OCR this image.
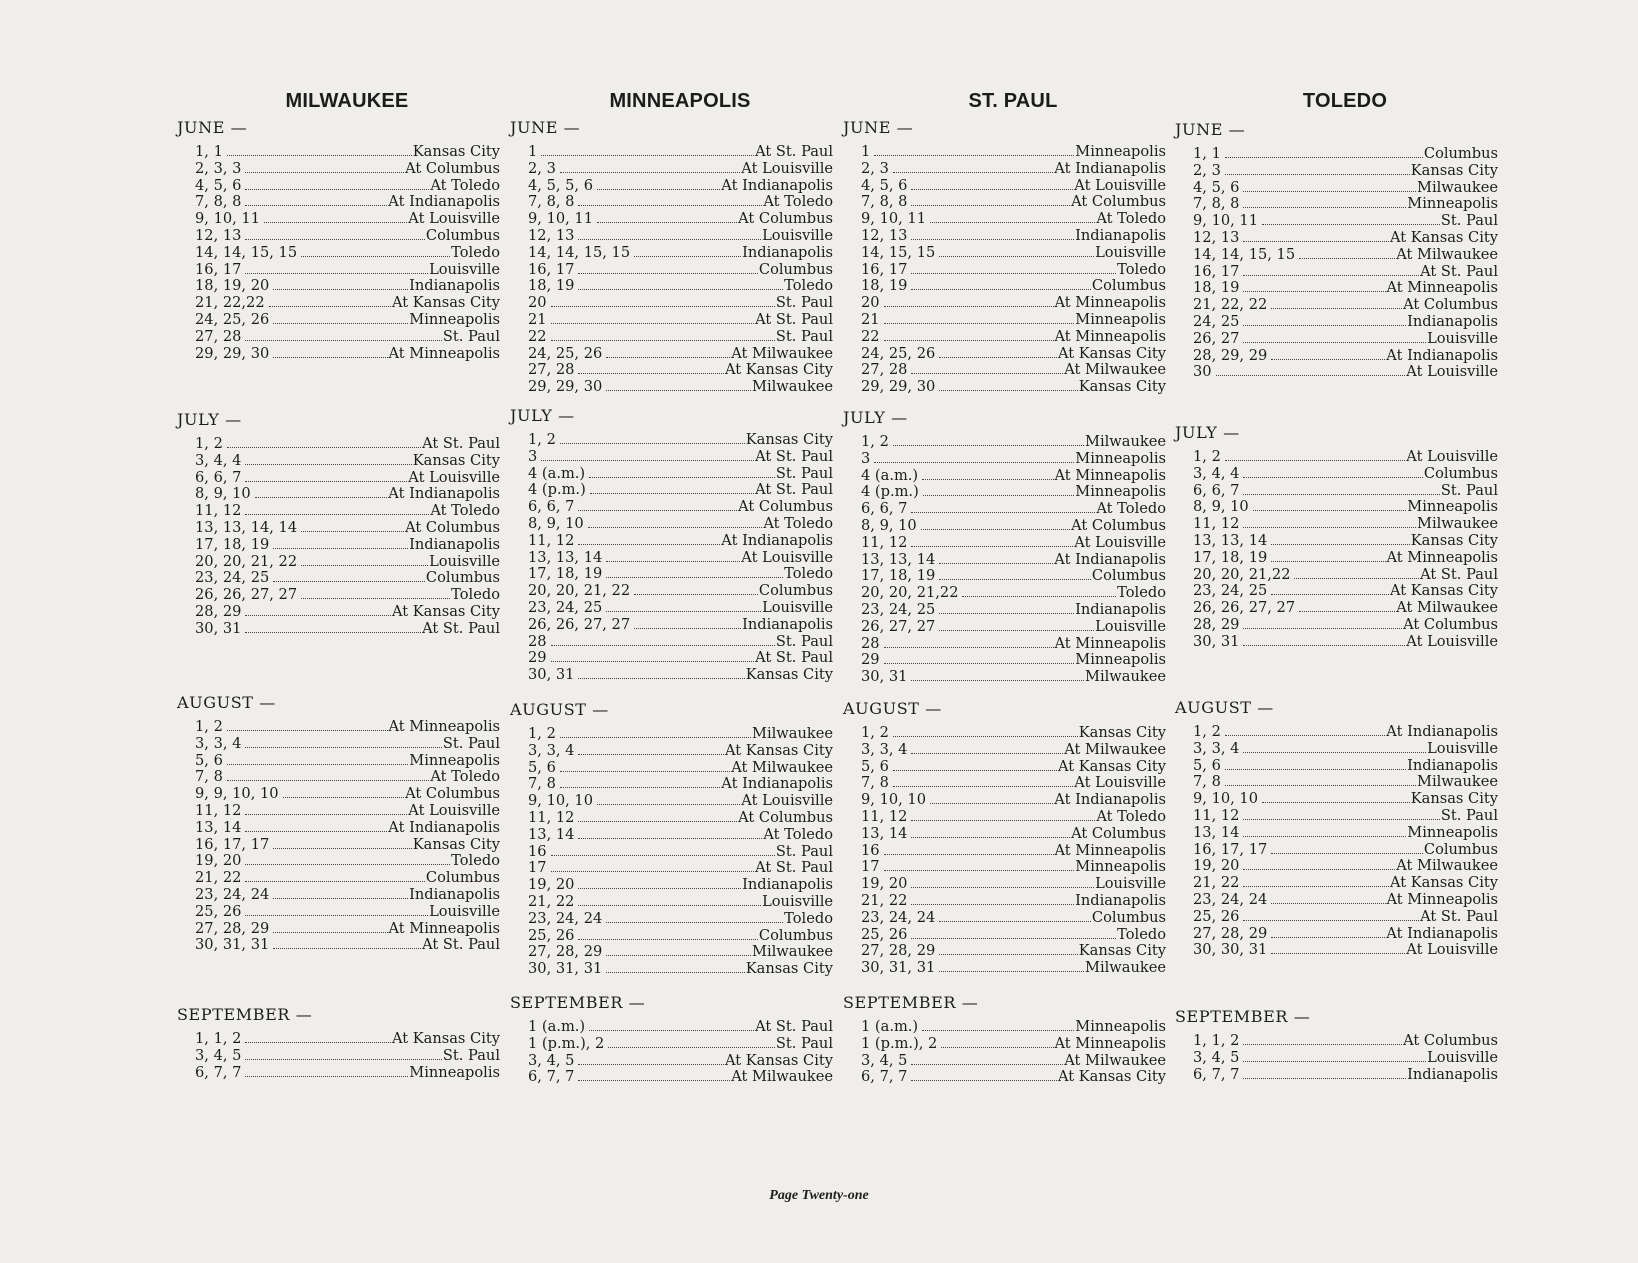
MILWAUKEE
JUNE —
1, 1	Kansas City
2, 3, 3	At Columbus
4, 5, 6	At Toledo
7, 8, 8	At Indianapolis
9, 10, 11	At Louisville
12, 13	Columbus
14, 14, 15, 15	Toledo
16, 17	Louisville
18, 19, 20	Indianapolis
21, 22,22	At Kansas City
24, 25, 26	Minneapolis
27, 28	St. Paul
29, 29, 30	At Minneapolis
JULY —
1, 2	At St. Paul
3, 4, 4	Kansas City
6, 6, 7	At Louisville
8, 9, 10	At Indianapolis
11, 12	At Toledo
13, 13, 14, 14	At Columbus
17, 18, 19	Indianapolis
20, 20, 21, 22	Louisville
23, 24, 25	Columbus
26, 26, 27, 27	Toledo
28, 29	At Kansas City
30, 31	At St. Paul
AUGUST —
1, 2	At Minneapolis
3, 3, 4	St. Paul
5, 6	Minneapolis
7, 8	At Toledo
9, 9, 10, 10	At Columbus
11, 12	At Louisville
13, 14	At Indianapolis
16, 17, 17	Kansas City
19, 20	Toledo
21, 22	Columbus
23, 24, 24	Indianapolis
25, 26	Louisville
27, 28, 29	At Minneapolis
30, 31, 31	At St. Paul
SEPTEMBER —
1, 1, 2	At Kansas City
3, 4, 5	St. Paul
6, 7, 7	Minneapolis
MINNEAPOLIS
JUNE —
1	At St. Paul
2, 3	At Louisville
4, 5, 5, 6	At Indianapolis
7, 8, 8	At Toledo
9, 10, 11	At Columbus
12, 13	Louisville
14, 14, 15, 15	Indianapolis
16, 17	Columbus
18, 19	Toledo
20	St. Paul
21	At St. Paul
22	St. Paul
24, 25, 26	At Milwaukee
27, 28	At Kansas City
29, 29, 30	Milwaukee
JULY —
1, 2	Kansas City
3	At St. Paul
4 (a.m.)	St. Paul
4 (p.m.)	At St. Paul
6, 6, 7	At Columbus
8, 9, 10	At Toledo
11, 12	At Indianapolis
13, 13, 14	At Louisville
17, 18, 19	Toledo
20, 20, 21, 22	Columbus
23, 24, 25	Louisville
26, 26, 27, 27	Indianapolis
28	St. Paul
29	At St. Paul
30, 31	Kansas City
AUGUST —
1, 2	Milwaukee
3, 3, 4	At Kansas City
5, 6	At Milwaukee
7, 8	At Indianapolis
9, 10, 10	At Louisville
11, 12	At Columbus
13, 14	At Toledo
16	St. Paul
17	At St. Paul
19, 20	Indianapolis
21, 22	Louisville
23, 24, 24	Toledo
25, 26	Columbus
27, 28, 29	Milwaukee
30, 31, 31	Kansas City
SEPTEMBER —
1 (a.m.)	At St. Paul
1 (p.m.), 2	St. Paul
3, 4, 5	At Kansas City
6, 7, 7	At Milwaukee
ST. PAUL
JUNE —
1	Minneapolis
2, 3	At Indianapolis
4, 5, 6	At Louisville
7, 8, 8	At Columbus
9, 10, 11	At Toledo
12, 13	Indianapolis
14, 15, 15	Louisville
16, 17	Toledo
18, 19	Columbus
20	At Minneapolis
21	Minneapolis
22	At Minneapolis
24, 25, 26	At Kansas City
27, 28	At Milwaukee
29, 29, 30	Kansas City
JULY —
1, 2	Milwaukee
3	Minneapolis
4 (a.m.)	At Minneapolis
4 (p.m.)	Minneapolis
6, 6, 7	At Toledo
8, 9, 10	At Columbus
11, 12	At Louisville
13, 13, 14	At Indianapolis
17, 18, 19	Columbus
20, 20, 21,22	Toledo
23, 24, 25	Indianapolis
26, 27, 27	Louisville
28	At Minneapolis
29	Minneapolis
30, 31	Milwaukee
AUGUST —
1, 2	Kansas City
3, 3, 4	At Milwaukee
5, 6	At Kansas City
7, 8	At Louisville
9, 10, 10	At Indianapolis
11, 12	At Toledo
13, 14	At Columbus
16	At Minneapolis
17	Minneapolis
19, 20	Louisville
21, 22	Indianapolis
23, 24, 24	Columbus
25, 26	Toledo
27, 28, 29	Kansas City
30, 31, 31	Milwaukee
SEPTEMBER —
1 (a.m.)	Minneapolis
1 (p.m.), 2	At Minneapolis
3, 4, 5	At Milwaukee
6, 7, 7	At Kansas City
TOLEDO
JUNE —
1, 1	Columbus
2, 3	Kansas City
4, 5, 6	Milwaukee
7, 8, 8	Minneapolis
9, 10, 11	St. Paul
12, 13	At Kansas City
14, 14, 15, 15	At Milwaukee
16, 17	At St. Paul
18, 19	At Minneapolis
21, 22, 22	At Columbus
24, 25	Indianapolis
26, 27	Louisville
28, 29, 29	At Indianapolis
30	At Louisville
JULY —
1, 2	At Louisville
3, 4, 4	Columbus
6, 6, 7	St. Paul
8, 9, 10	Minneapolis
11, 12	Milwaukee
13, 13, 14	Kansas City
17, 18, 19	At Minneapolis
20, 20, 21,22	At St. Paul
23, 24, 25	At Kansas City
26, 26, 27, 27	At Milwaukee
28, 29	At Columbus
30, 31	At Louisville
AUGUST —
1, 2	At Indianapolis
3, 3, 4	Louisville
5, 6	Indianapolis
7, 8	Milwaukee
9, 10, 10	Kansas City
11, 12	St. Paul
13, 14	Minneapolis
16, 17, 17	Columbus
19, 20	At Milwaukee
21, 22	At Kansas City
23, 24, 24	At Minneapolis
25, 26	At St. Paul
27, 28, 29	At Indianapolis
30, 30, 31	At Louisville
SEPTEMBER —
1, 1, 2	At Columbus
3, 4, 5	Louisville
6, 7, 7	Indianapolis
Page Twenty-one
